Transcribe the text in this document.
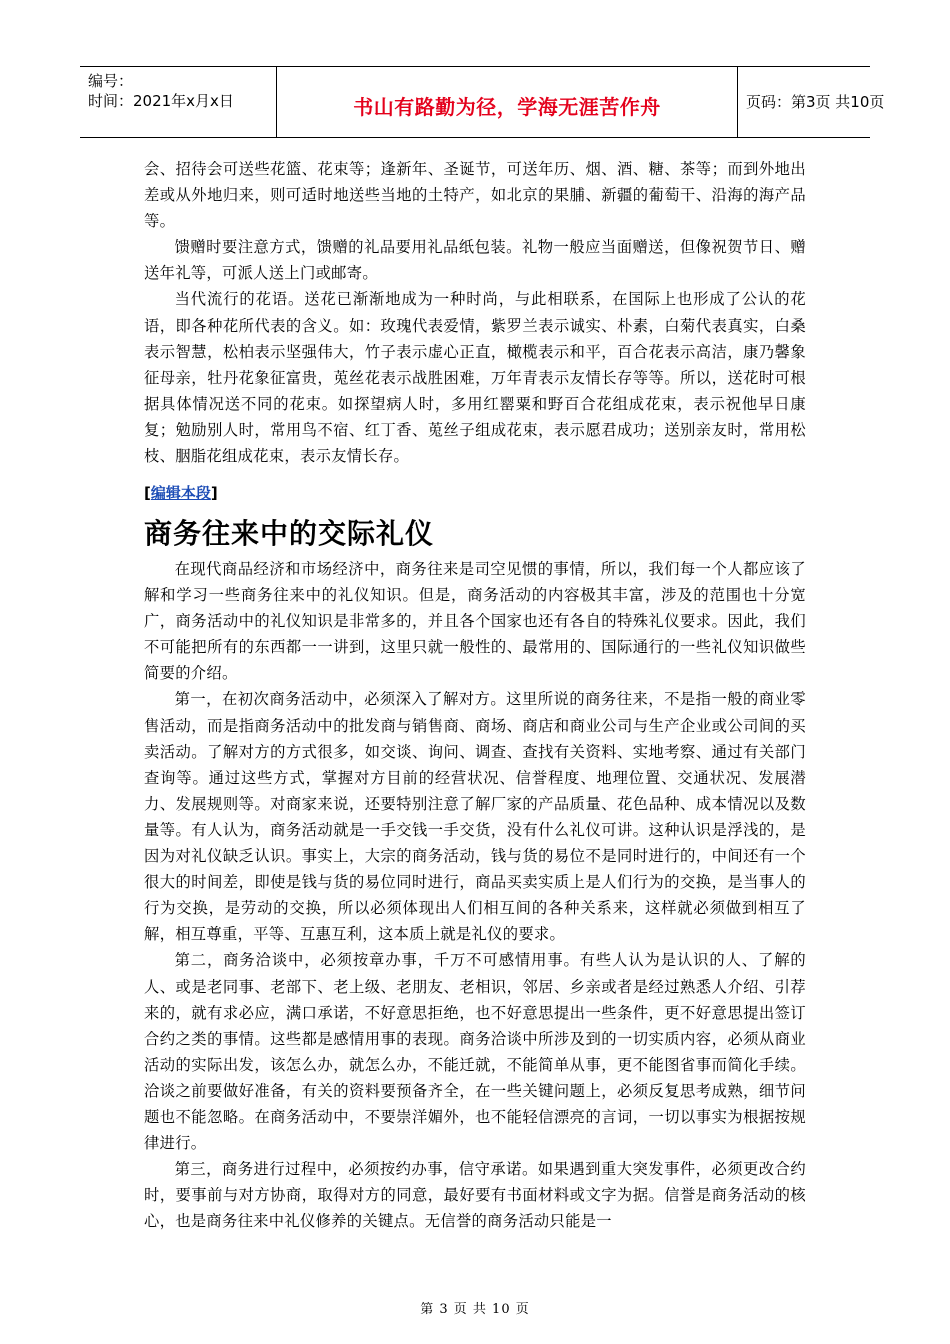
编号：
时间：2021年x月x日	书山有路勤为径，学海无涯苦作舟	页码：第3页 共10页

会、招待会可送些花篮、花束等；逢新年、圣诞节，可送年历、烟、酒、糖、茶等；而到外地出差或从外地归来，则可适时地送些当地的土特产，如北京的果脯、新疆的葡萄干、沿海的海产品等。

馈赠时要注意方式，馈赠的礼品要用礼品纸包装。礼物一般应当面赠送，但像祝贺节日、赠送年礼等，可派人送上门或邮寄。

当代流行的花语。送花已渐渐地成为一种时尚，与此相联系，在国际上也形成了公认的花语，即各种花所代表的含义。如：玫瑰代表爱情，紫罗兰表示诚实、朴素，白菊代表真实，白桑表示智慧，松柏表示坚强伟大，竹子表示虚心正直，橄榄表示和平，百合花表示高洁，康乃馨象征母亲，牡丹花象征富贵，莵丝花表示战胜困难，万年青表示友情长存等等。所以，送花时可根据具体情况送不同的花束。如探望病人时，多用红罂粟和野百合花组成花束，表示祝他早日康复；勉励别人时，常用鸟不宿、红丁香、莵丝子组成花束，表示愿君成功；送别亲友时，常用松枝、胭脂花组成花束，表示友情长存。

[编辑本段]
商务往来中的交际礼仪

在现代商品经济和市场经济中，商务往来是司空见惯的事情，所以，我们每一个人都应该了解和学习一些商务往来中的礼仪知识。但是，商务活动的内容极其丰富，涉及的范围也十分宽广，商务活动中的礼仪知识是非常多的，并且各个国家也还有各自的特殊礼仪要求。因此，我们不可能把所有的东西都一一讲到，这里只就一般性的、最常用的、国际通行的一些礼仪知识做些简要的介绍。

第一，在初次商务活动中，必须深入了解对方。这里所说的商务往来，不是指一般的商业零售活动，而是指商务活动中的批发商与销售商、商场、商店和商业公司与生产企业或公司间的买卖活动。了解对方的方式很多，如交谈、询问、调查、查找有关资料、实地考察、通过有关部门查询等。通过这些方式，掌握对方目前的经营状况、信誉程度、地理位置、交通状况、发展潜力、发展规则等。对商家来说，还要特别注意了解厂家的产品质量、花色品种、成本情况以及数量等。有人认为，商务活动就是一手交钱一手交货，没有什么礼仪可讲。这种认识是浮浅的，是因为对礼仪缺乏认识。事实上，大宗的商务活动，钱与货的易位不是同时进行的，中间还有一个很大的时间差，即使是钱与货的易位同时进行，商品买卖实质上是人们行为的交换，是当事人的行为交换，是劳动的交换，所以必须体现出人们相互间的各种关系来，这样就必须做到相互了解，相互尊重，平等、互惠互利，这本质上就是礼仪的要求。

第二，商务洽谈中，必须按章办事，千万不可感情用事。有些人认为是认识的人、了解的人、或是老同事、老部下、老上级、老朋友、老相识，邻居、乡亲或者是经过熟悉人介绍、引荐来的，就有求必应，满口承诺，不好意思拒绝，也不好意思提出一些条件，更不好意思提出签订合约之类的事情。这些都是感情用事的表现。商务洽谈中所涉及到的一切实质内容，必须从商业活动的实际出发，该怎么办，就怎么办，不能迁就，不能简单从事，更不能图省事而简化手续。洽谈之前要做好准备，有关的资料要预备齐全，在一些关键问题上，必须反复思考成熟，细节问题也不能忽略。在商务活动中，不要崇洋媚外，也不能轻信漂亮的言词，一切以事实为根据按规律进行。

第三，商务进行过程中，必须按约办事，信守承诺。如果遇到重大突发事件，必须更改合约时，要事前与对方协商，取得对方的同意，最好要有书面材料或文字为据。信誉是商务活动的核心，也是商务往来中礼仪修养的关键点。无信誉的商务活动只能是一

第 3 页 共 10 页
